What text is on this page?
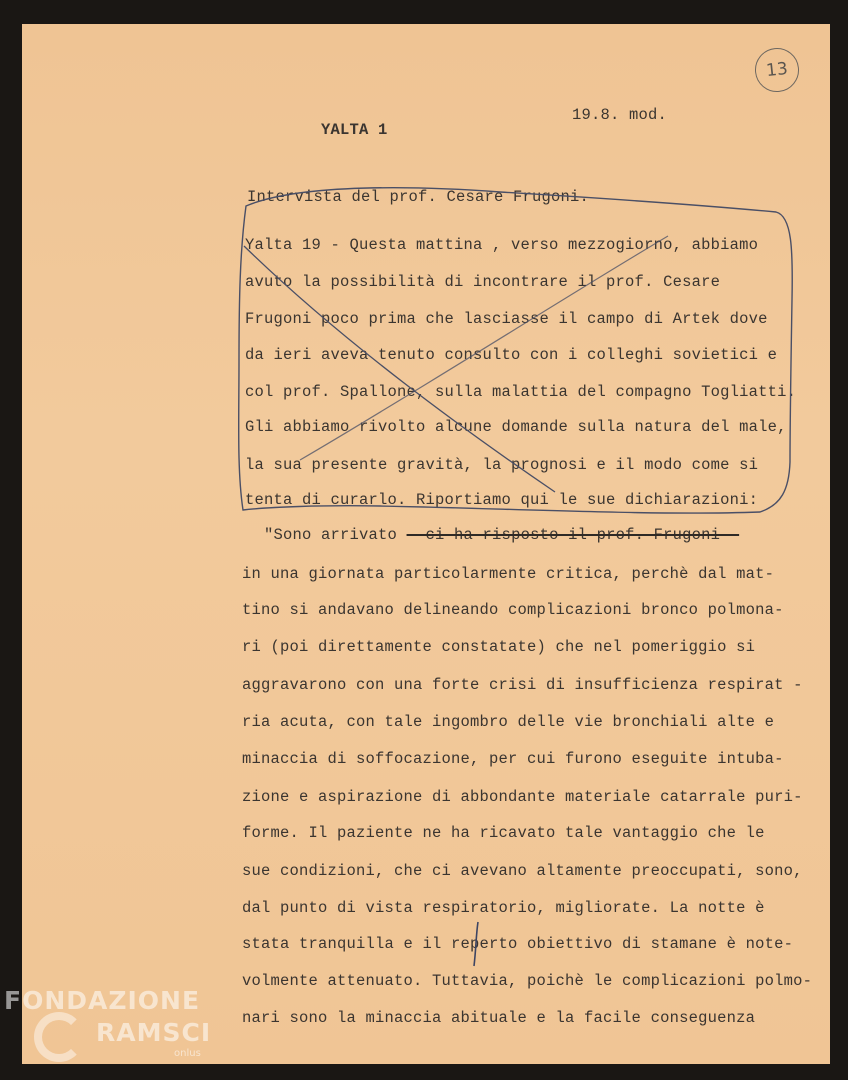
13
YALTA 1
19.8. mod.
Intervista del prof. Cesare Frugoni.
Yalta 19 - Questa mattina , verso mezzogiorno, abbiamo
avuto la possibilità di incontrare il prof. Cesare
Frugoni poco prima che lasciasse il campo di Artek dove
da ieri aveva tenuto consulto con i colleghi sovietici e
col prof. Spallone, sulla malattia del compagno Togliatti.
Gli abbiamo rivolto alcune domande sulla natura del male,
la sua presente gravità, la prognosi e il modo come si
tenta di curarlo. Riportiamo qui le sue dichiarazioni:
"Sono arrivato - ci ha risposto il prof. Frugoni -
in una giornata particolarmente critica, perchè dal mat-
tino si andavano delineando complicazioni bronco polmona-
ri (poi direttamente constatate) che nel pomeriggio si
aggravarono con una forte crisi di insufficienza respirat -
ria acuta, con tale ingombro delle vie bronchiali alte e
minaccia di soffocazione, per cui furono eseguite intuba-
zione e aspirazione di abbondante materiale catarrale puri-
forme. Il paziente ne ha ricavato tale vantaggio che le
sue condizioni, che ci avevano altamente preoccupati, sono,
dal punto di vista respiratorio, migliorate. La notte è
stata tranquilla e il reperto obiettivo di stamane è note-
volmente attenuato. Tuttavia, poichè le complicazioni polmo-
nari sono la minaccia abituale e la facile conseguenza
FONDAZIONE
RAMSCI
onlus
